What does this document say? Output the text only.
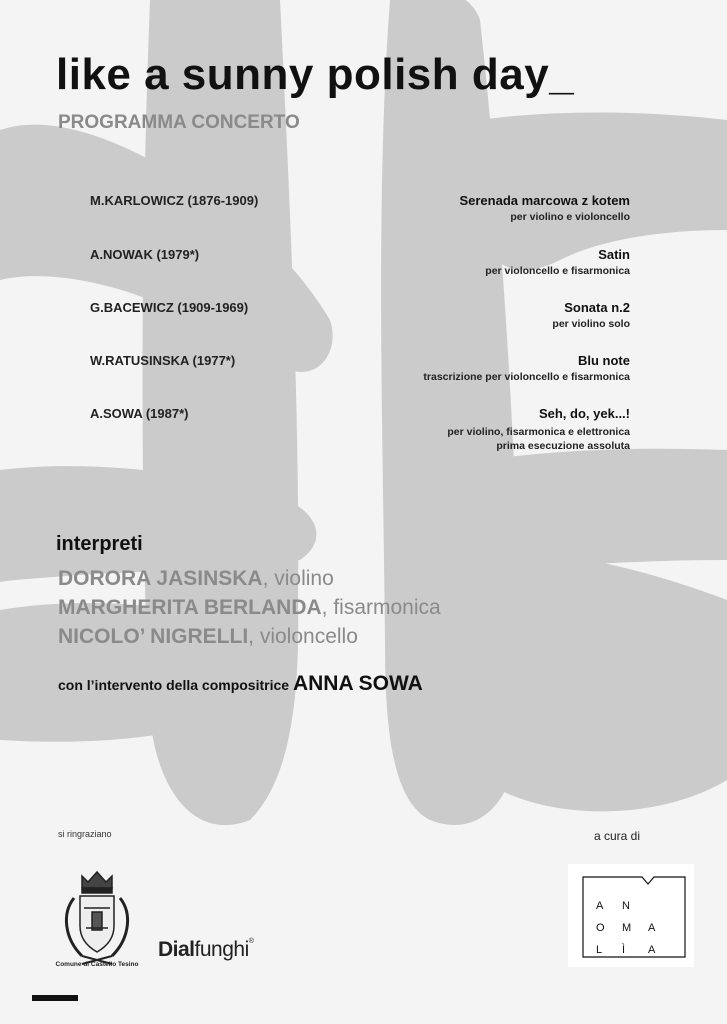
like a sunny polish day_
PROGRAMMA CONCERTO
M.KARLOWICZ (1876-1909)	Serenada marcowa z kotem
per violino e violoncello
A.NOWAK (1979*)	Satin
per violoncello e fisarmonica
G.BACEWICZ (1909-1969)	Sonata n.2
per violino solo
W.RATUSINSKA (1977*)	Blu note
trascrizione per violoncello e fisarmonica
A.SOWA (1987*)	Seh, do, yek...!
per violino, fisarmonica e elettronica
prima esecuzione assoluta
interpreti
DORORA JASINSKA, violino
MARGHERITA BERLANDA, fisarmonica
NICOLO’ NIGRELLI, violoncello
con l’intervento della compositrice ANNA SOWA
si ringraziano	a cura di
Comune di Castello Tesino
Dialfunghi®
A N
O M A
L Ì A
